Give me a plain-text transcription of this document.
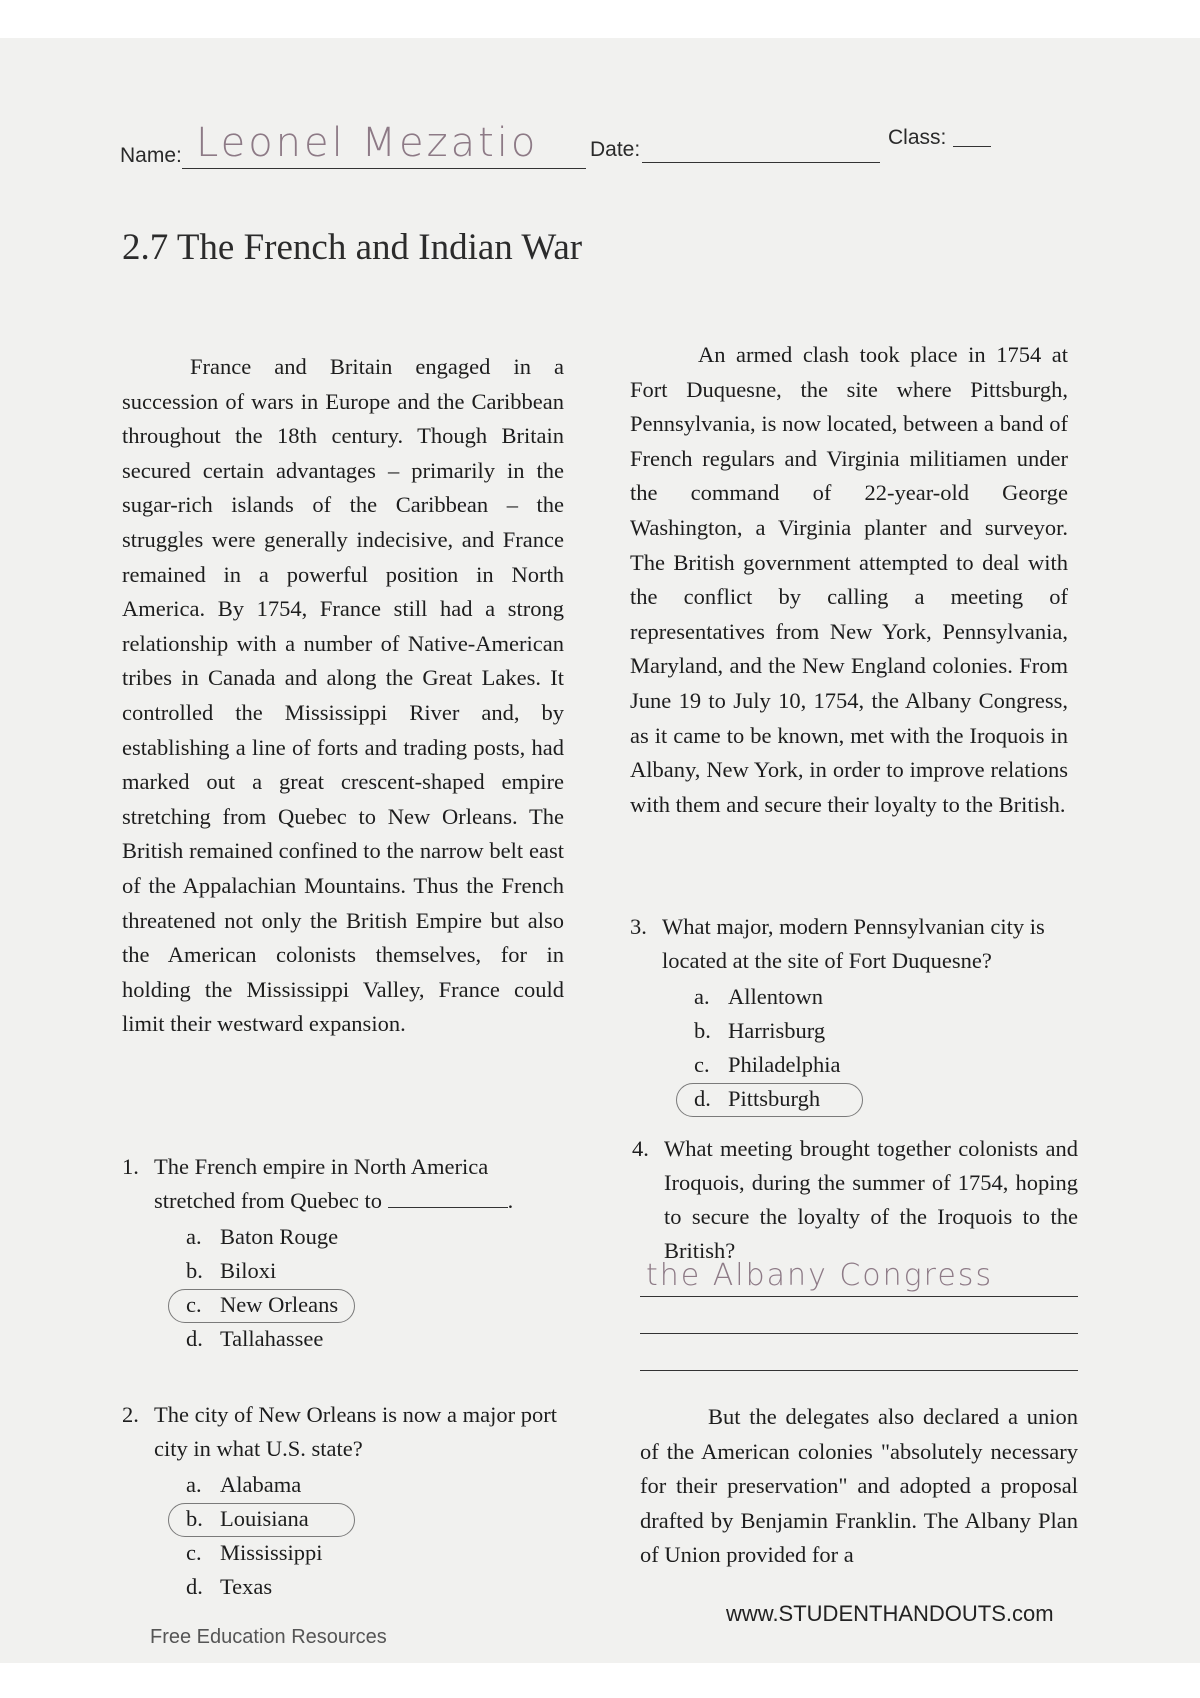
Name: Leonel Mezatio Date:
Class:
2.7 The French and Indian War

France and Britain engaged in a succession of wars in Europe and the Caribbean throughout the 18th century. Though Britain secured certain advantages – primarily in the sugar-rich islands of the Caribbean – the struggles were generally indecisive, and France remained in a powerful position in North America. By 1754, France still had a strong relationship with a number of Native-American tribes in Canada and along the Great Lakes. It controlled the Mississippi River and, by establishing a line of forts and trading posts, had marked out a great crescent-shaped empire stretching from Quebec to New Orleans. The British remained confined to the narrow belt east of the Appalachian Mountains. Thus the French threatened not only the British Empire but also the American colonists themselves, for in holding the Mississippi Valley, France could limit their westward expansion.

1. The French empire in North America stretched from Quebec to	.
a. Baton Rouge
b. Biloxi
c. New Orleans
d. Tallahassee
2. The city of New Orleans is now a major port city in what U.S. state?
a. Alabama
b. Louisiana
c. Mississippi
d. Texas

An armed clash took place in 1754 at Fort Duquesne, the site where Pittsburgh, Pennsylvania, is now located, between a band of French regulars and Virginia militiamen under the command of 22-year-old George Washington, a Virginia planter and surveyor. The British government attempted to deal with the conflict by calling a meeting of representatives from New York, Pennsylvania, Maryland, and the New England colonies. From June 19 to July 10, 1754, the Albany Congress, as it came to be known, met with the Iroquois in Albany, New York, in order to improve relations with them and secure their loyalty to the British.

3. What major, modern Pennsylvanian city is located at the site of Fort Duquesne?
a. Allentown
b. Harrisburg
c. Philadelphia
d. Pittsburgh
4. What meeting brought together colonists and Iroquois, during the summer of 1754, hoping to secure the loyalty of the Iroquois to the British?
the Albany Congress

But the delegates also declared a union of the American colonies "absolutely necessary for their preservation" and adopted a proposal drafted by Benjamin Franklin. The Albany Plan of Union provided for a

Free Education Resources
www.STUDENTHANDOUTS.com
